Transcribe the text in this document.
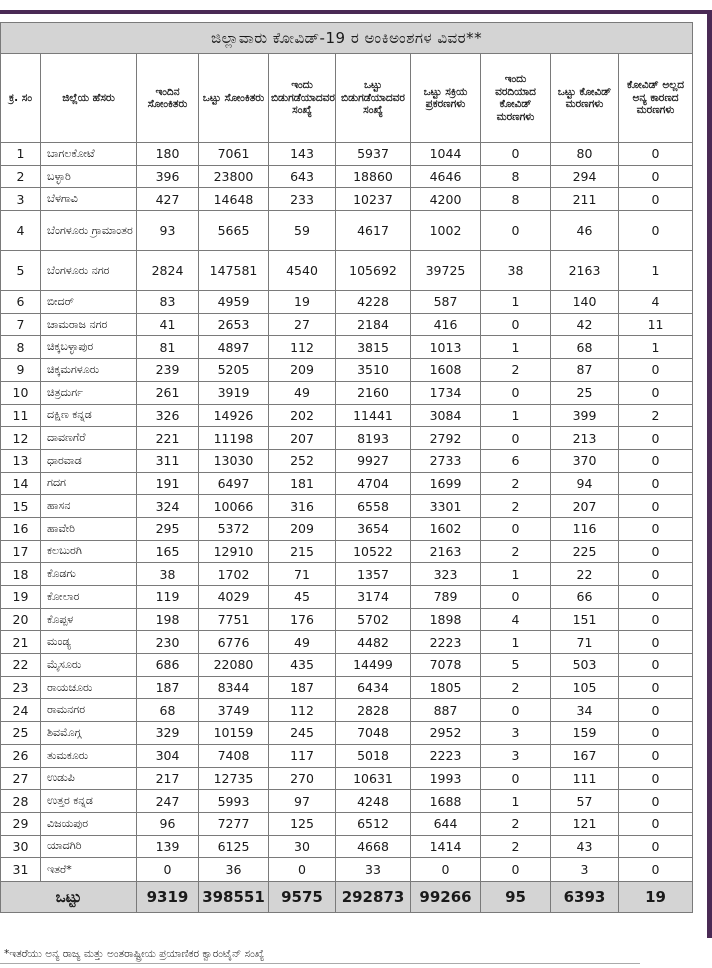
ಜಿಲ್ಲಾವಾರು ಕೋವಿಡ್-19 ರ ಅಂಕಿಅಂಶಗಳ ವಿವರ**									
ಕ್ರ. ಸಂ	ಜಿಲ್ಲೆಯ ಹೆಸರು	ಇಂದಿನ ಸೋಂಕಿತರು	ಒಟ್ಟು ಸೋಂಕಿತರು	ಇಂದು ಬಿಡುಗಡೆಯಾದವರ ಸಂಖ್ಯೆ	ಒಟ್ಟು ಬಿಡುಗಡೆಯಾದವರ ಸಂಖ್ಯೆ	ಒಟ್ಟು ಸಕ್ರಿಯ ಪ್ರಕರಣಗಳು	ಇಂದು ವರದಿಯಾದ ಕೋವಿಡ್ ಮರಣಗಳು	ಒಟ್ಟು ಕೋವಿಡ್ ಮರಣಗಳು	ಕೋವಿಡ್ ಅಲ್ಲದ ಅನ್ಯ ಕಾರಣದ ಮರಣಗಳು
1	ಬಾಗಲಕೋಟೆ	180	7061	143	5937	1044	0	80	0
2	ಬಳ್ಳಾರಿ	396	23800	643	18860	4646	8	294	0
3	ಬೆಳಗಾವಿ	427	14648	233	10237	4200	8	211	0
4	ಬೆಂಗಳೂರು ಗ್ರಾಮಾಂತರ	93	5665	59	4617	1002	0	46	0
5	ಬೆಂಗಳೂರು ನಗರ	2824	147581	4540	105692	39725	38	2163	1
6	ಬೀದರ್	83	4959	19	4228	587	1	140	4
7	ಚಾಮರಾಜ ನಗರ	41	2653	27	2184	416	0	42	11
8	ಚಿಕ್ಕಬಳ್ಳಾಪುರ	81	4897	112	3815	1013	1	68	1
9	ಚಿಕ್ಕಮಗಳೂರು	239	5205	209	3510	1608	2	87	0
10	ಚಿತ್ರದುರ್ಗ	261	3919	49	2160	1734	0	25	0
11	ದಕ್ಷಿಣ ಕನ್ನಡ	326	14926	202	11441	3084	1	399	2
12	ದಾವಣಗೆರೆ	221	11198	207	8193	2792	0	213	0
13	ಧಾರವಾಡ	311	13030	252	9927	2733	6	370	0
14	ಗದಗ	191	6497	181	4704	1699	2	94	0
15	ಹಾಸನ	324	10066	316	6558	3301	2	207	0
16	ಹಾವೇರಿ	295	5372	209	3654	1602	0	116	0
17	ಕಲಬುರಗಿ	165	12910	215	10522	2163	2	225	0
18	ಕೊಡಗು	38	1702	71	1357	323	1	22	0
19	ಕೋಲಾರ	119	4029	45	3174	789	0	66	0
20	ಕೊಪ್ಪಳ	198	7751	176	5702	1898	4	151	0
21	ಮಂಡ್ಯ	230	6776	49	4482	2223	1	71	0
22	ಮೈಸೂರು	686	22080	435	14499	7078	5	503	0
23	ರಾಯಚೂರು	187	8344	187	6434	1805	2	105	0
24	ರಾಮನಗರ	68	3749	112	2828	887	0	34	0
25	ಶಿವಮೊಗ್ಗ	329	10159	245	7048	2952	3	159	0
26	ತುಮಕೂರು	304	7408	117	5018	2223	3	167	0
27	ಉಡುಪಿ	217	12735	270	10631	1993	0	111	0
28	ಉತ್ತರ ಕನ್ನಡ	247	5993	97	4248	1688	1	57	0
29	ವಿಜಯಪುರ	96	7277	125	6512	644	2	121	0
30	ಯಾದಗಿರಿ	139	6125	30	4668	1414	2	43	0
31	ಇತರೆ*	0	36	0	33	0	0	3	0
ಒಟ್ಟು		9319	398551	9575	292873	99266	95	6393	19
*ಇತರೆಯು ಅನ್ಯ ರಾಜ್ಯ ಮತ್ತು ಅಂತರಾಷ್ಟ್ರೀಯ ಪ್ರಯಾಣಿಕರ ಕ್ವಾರಂಟೈನ್ ಸಂಖ್ಯೆ
